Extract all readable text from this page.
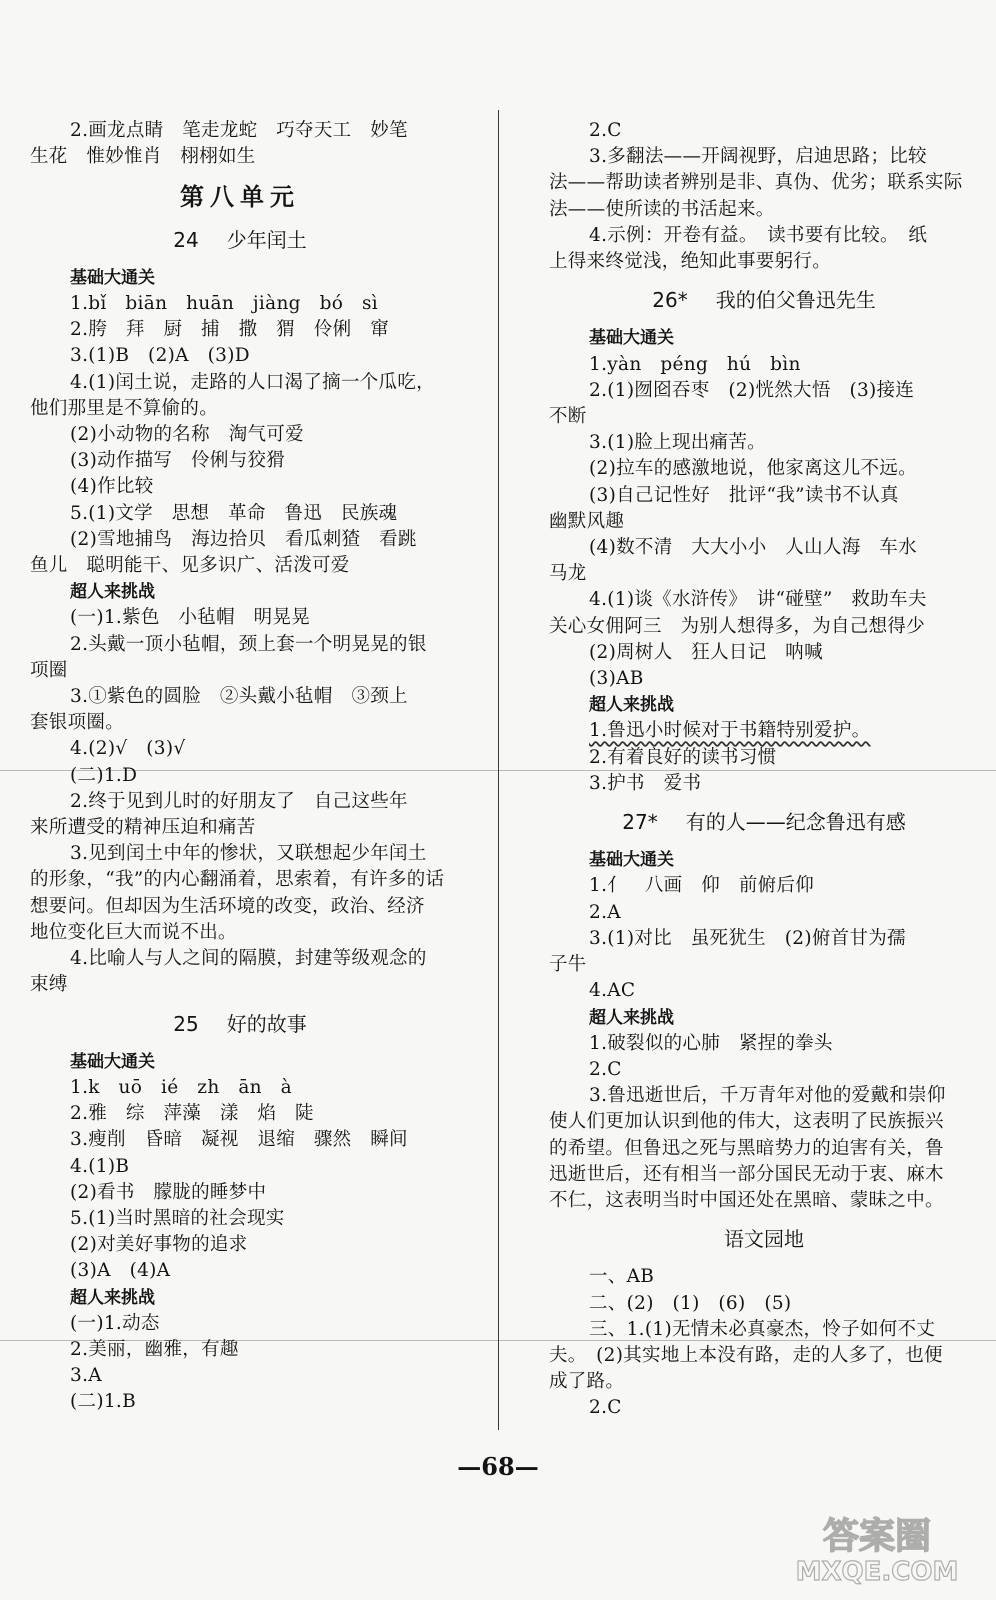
2.画龙点睛　笔走龙蛇　巧夺天工　妙笔
生花　惟妙惟肖　栩栩如生
第八单元
24 少年闰土
基础大通关
1.bǐ　biān　huān　jiàng　bó　sì
2.胯　拜　厨　捕　撒　猬　伶俐　窜
3.(1)B　(2)A　(3)D
4.(1)闰土说，走路的人口渴了摘一个瓜吃，
他们那里是不算偷的。
(2)小动物的名称　淘气可爱
(3)动作描写　伶俐与狡猾
(4)作比较
5.(1)文学　思想　革命　鲁迅　民族魂
(2)雪地捕鸟　海边拾贝　看瓜刺猹　看跳
鱼儿　聪明能干、见多识广、活泼可爱
超人来挑战
(一)1.紫色　小毡帽　明晃晃
2.头戴一顶小毡帽，颈上套一个明晃晃的银
项圈
3.①紫色的圆脸　②头戴小毡帽　③颈上
套银项圈。
4.(2)√　(3)√
(二)1.D
2.终于见到儿时的好朋友了　自己这些年
来所遭受的精神压迫和痛苦
3.见到闰土中年的惨状，又联想起少年闰土
的形象，“我”的内心翻涌着，思索着，有许多的话
想要问。但却因为生活环境的改变，政治、经济
地位变化巨大而说不出。
4.比喻人与人之间的隔膜，封建等级观念的
束缚
25 好的故事
基础大通关
1.k　uō　ié　zh　ān　à
2.雅　综　萍藻　漾　焰　陡
3.瘦削　昏暗　凝视　退缩　骤然　瞬间
4.(1)B
(2)看书　朦胧的睡梦中
5.(1)当时黑暗的社会现实
(2)对美好事物的追求
(3)A　(4)A
超人来挑战
(一)1.动态
2.美丽，幽雅，有趣
3.A
(二)1.B
2.C
3.多翻法——开阔视野，启迪思路；比较
法——帮助读者辨别是非、真伪、优劣；联系实际
法——使所读的书活起来。
4.示例：开卷有益。　读书要有比较。　纸
上得来终觉浅，绝知此事要躬行。
26* 我的伯父鲁迅先生
基础大通关
1.yàn　péng　hú　bìn
2.(1)囫囵吞枣　(2)恍然大悟　(3)接连
不断
3.(1)脸上现出痛苦。
(2)拉车的感激地说，他家离这儿不远。
(3)自己记性好　批评“我”读书不认真
幽默风趣
(4)数不清　大大小小　人山人海　车水
马龙
4.(1)谈《水浒传》　讲“碰壁”　救助车夫
关心女佣阿三　为别人想得多，为自己想得少
(2)周树人　狂人日记　呐喊
(3)AB
超人来挑战
1.鲁迅小时候对于书籍特别爱护。
2.有着良好的读书习惯
3.护书　爱书
27* 有的人——纪念鲁迅有感
基础大通关
1.亻　八画　仰　前俯后仰
2.A
3.(1)对比　虽死犹生　(2)俯首甘为孺
子牛
4.AC
超人来挑战
1.破裂似的心肺　紧捏的拳头
2.C
3.鲁迅逝世后，千万青年对他的爱戴和崇仰
使人们更加认识到他的伟大，这表明了民族振兴
的希望。但鲁迅之死与黑暗势力的迫害有关，鲁
迅逝世后，还有相当一部分国民无动于衷、麻木
不仁，这表明当时中国还处在黑暗、蒙昧之中。
语文园地
一、AB
二、(2)　(1)　(6)　(5)
三、1.(1)无情未必真豪杰，怜子如何不丈
夫。　(2)其实地上本没有路，走的人多了，也便
成了路。
2.C
—68—
答案圈
MXQE.COM
